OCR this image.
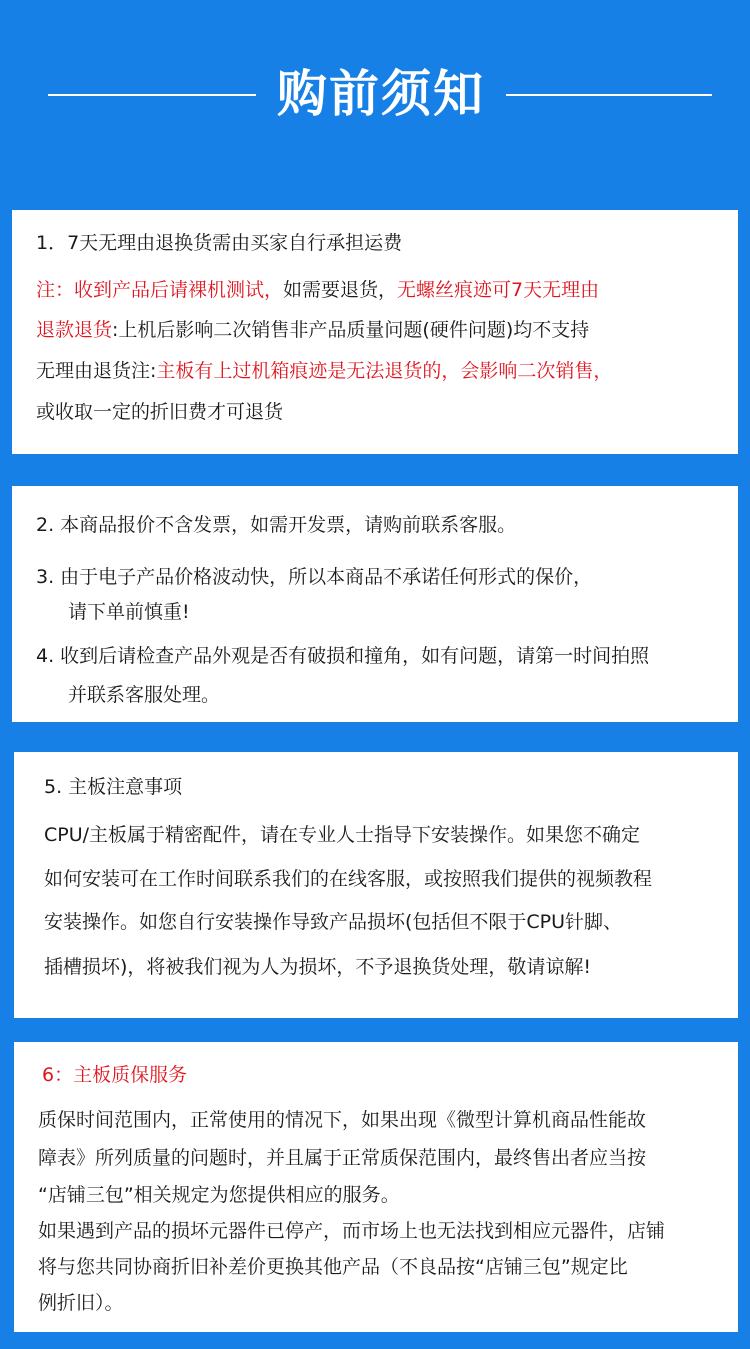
购前须知
1．7天无理由退换货需由买家自行承担运费
注：收到产品后请裸机测试，如需要退货，无螺丝痕迹可7天无理由
退款退货:上机后影响二次销售非产品质量问题(硬件问题)均不支持
无理由退货注:主板有上过机箱痕迹是无法退货的，会影响二次销售，
或收取一定的折旧费才可退货
2. 本商品报价不含发票，如需开发票，请购前联系客服。
3. 由于电子产品价格波动快，所以本商品不承诺任何形式的保价，
请下单前慎重!
4. 收到后请检查产品外观是否有破损和撞角，如有问题，请第一时间拍照
并联系客服处理。
5. 主板注意事项
CPU/主板属于精密配件，请在专业人士指导下安装操作。如果您不确定
如何安装可在工作时间联系我们的在线客服，或按照我们提供的视频教程
安装操作。如您自行安装操作导致产品损坏(包括但不限于CPU针脚、
插槽损坏)，将被我们视为人为损坏，不予退换货处理，敬请谅解!
6：主板质保服务
质保时间范围内，正常使用的情况下，如果出现《微型计算机商品性能故
障表》所列质量的问题时，并且属于正常质保范围内，最终售出者应当按
“店铺三包”相关规定为您提供相应的服务。
如果遇到产品的损坏元器件已停产，而市场上也无法找到相应元器件，店铺
将与您共同协商折旧补差价更换其他产品（不良品按“店铺三包”规定比
例折旧）。
